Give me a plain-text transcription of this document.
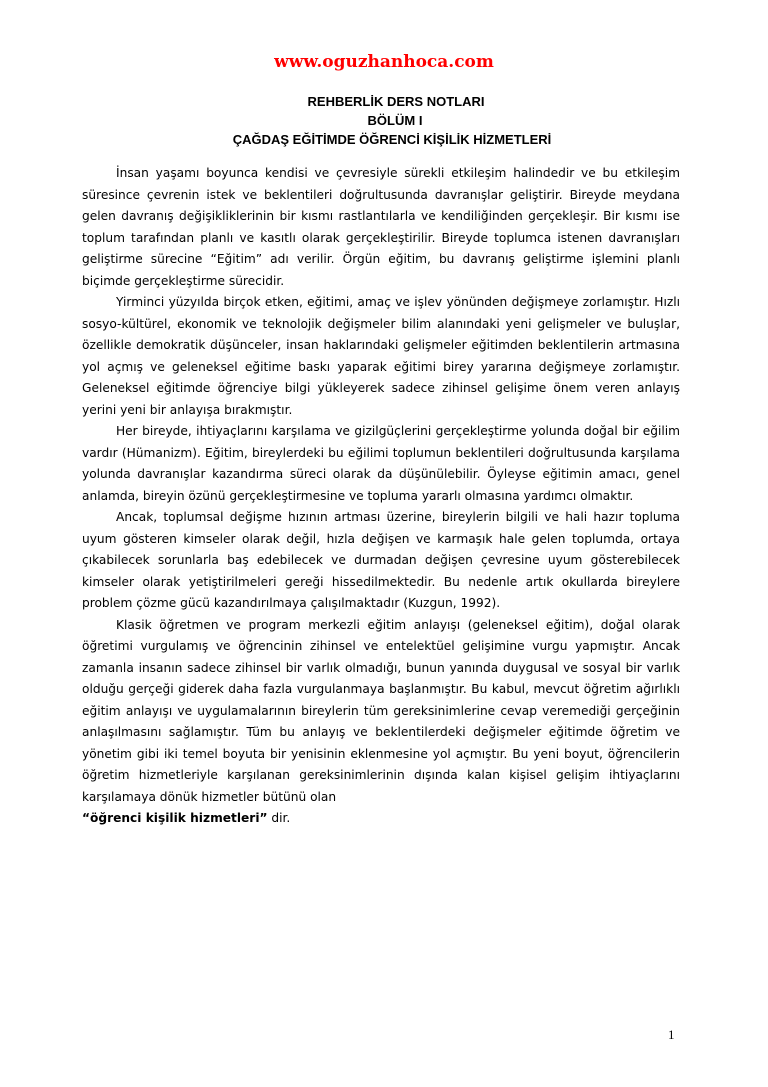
www.oguzhanhoca.com
REHBERLİK DERS NOTLARI
BÖLÜM I
ÇAĞDAŞ EĞİTİMDE ÖĞRENCİ KİŞİLİK HİZMETLERİ

İnsan yaşamı boyunca kendisi ve çevresiyle sürekli etkileşim halindedir ve bu etkileşim süresince çevrenin istek ve beklentileri doğrultusunda davranışlar geliştirir. Bireyde meydana gelen davranış değişikliklerinin bir kısmı rastlantılarla ve kendiliğinden gerçekleşir. Bir kısmı ise toplum tarafından planlı ve kasıtlı olarak gerçekleştirilir. Bireyde toplumca istenen davranışları geliştirme sürecine “Eğitim” adı verilir. Örgün eğitim, bu davranış geliştirme işlemini planlı biçimde gerçekleştirme sürecidir.

Yirminci yüzyılda birçok etken, eğitimi, amaç ve işlev yönünden değişmeye zorlamıştır. Hızlı sosyo-kültürel, ekonomik ve teknolojik değişmeler bilim alanındaki yeni gelişmeler ve buluşlar, özellikle demokratik düşünceler, insan haklarındaki gelişmeler eğitimden beklentilerin artmasına yol açmış ve geleneksel eğitime baskı yaparak eğitimi birey yararına değişmeye zorlamıştır. Geleneksel eğitimde öğrenciye bilgi yükleyerek sadece zihinsel gelişime önem veren anlayış yerini yeni bir anlayışa bırakmıştır.

Her bireyde, ihtiyaçlarını karşılama ve gizilgüçlerini gerçekleştirme yolunda doğal bir eğilim vardır (Hümanizm). Eğitim, bireylerdeki bu eğilimi toplumun beklentileri doğrultusunda karşılama yolunda davranışlar kazandırma süreci olarak da düşünülebilir. Öyleyse eğitimin amacı, genel anlamda, bireyin özünü gerçekleştirmesine ve topluma yararlı olmasına yardımcı olmaktır.

Ancak, toplumsal değişme hızının artması üzerine, bireylerin bilgili ve hali hazır topluma uyum gösteren kimseler olarak değil, hızla değişen ve karmaşık hale gelen toplumda, ortaya çıkabilecek sorunlarla baş edebilecek ve durmadan değişen çevresine uyum gösterebilecek kimseler olarak yetiştirilmeleri gereği hissedilmektedir. Bu nedenle artık okullarda bireylere problem çözme gücü kazandırılmaya çalışılmaktadır (Kuzgun, 1992).

Klasik öğretmen ve program merkezli eğitim anlayışı (geleneksel eğitim), doğal olarak öğretimi vurgulamış ve öğrencinin zihinsel ve entelektüel gelişimine vurgu yapmıştır. Ancak zamanla insanın sadece zihinsel bir varlık olmadığı, bunun yanında duygusal ve sosyal bir varlık olduğu gerçeği giderek daha fazla vurgulanmaya başlanmıştır. Bu kabul, mevcut öğretim ağırlıklı eğitim anlayışı ve uygulamalarının bireylerin tüm gereksinimlerine cevap veremediği gerçeğinin anlaşılmasını sağlamıştır. Tüm bu anlayış ve beklentilerdeki değişmeler eğitimde öğretim ve yönetim gibi iki temel boyuta bir yenisinin eklenmesine yol açmıştır. Bu yeni boyut, öğrencilerin öğretim hizmetleriyle karşılanan gereksinimlerinin dışında kalan kişisel gelişim ihtiyaçlarını karşılamaya dönük hizmetler bütünü olan
“öğrenci kişilik hizmetleri” dir.

1
